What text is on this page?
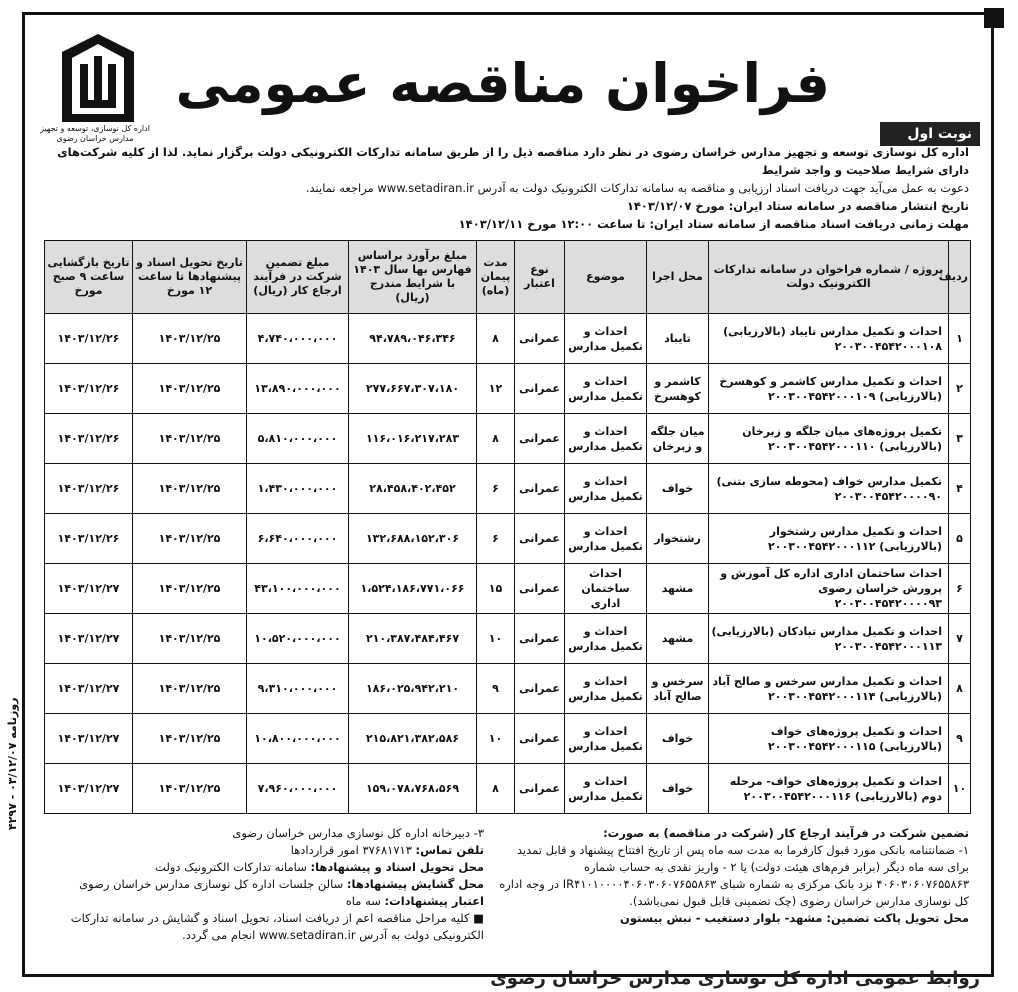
اداره کل نوسازی، توسعه و تجهیز مدارس خراسان رضوی
فراخوان مناقصه عمومی
نوبت اول

اداره کل نوسازی توسعه و تجهیز مدارس خراسان رضوی در نظر دارد مناقصه ذیل را از طریق سامانه تدارکات الکترونیکی دولت برگزار نماید. لذا از کلیه شرکت‌های دارای شرایط صلاحیت و واجد شرایط

دعوت به عمل می‌آید جهت دریافت اسناد ارزیابی و مناقصه به سامانه تدارکات الکترونیک دولت به آدرس www.setadiran.ir مراجعه نمایند.

تاریخ انتشار مناقصه در سامانه ستاد ایران: مورخ ۱۴۰۳/۱۲/۰۷

مهلت زمانی دریافت اسناد مناقصه از سامانه ستاد ایران: تا ساعت ۱۲:۰۰ مورخ ۱۴۰۳/۱۲/۱۱

ردیف	پروژه / شماره فراخوان در سامانه تدارکات الکترونیک دولت	محل اجرا	موضوع	نوع اعتبار	مدت پیمان (ماه)	مبلغ برآورد براساس فهارس بها سال ۱۴۰۳ با شرایط مندرج (ریال)	مبلغ تضمین شرکت در فرآیند ارجاع کار (ریال)	تاریخ تحویل اسناد و پیشنهادها تا ساعت ۱۲ مورخ	تاریخ بازگشایی ساعت ۹ صبح مورخ
۱	احداث و تکمیل مدارس تایباد (بالارزیابی) ۲۰۰۳۰۰۴۵۴۲۰۰۰۱۰۸	تایباد	احداث و تکمیل مدارس	عمرانی	۸	۹۴،۷۸۹،۰۴۶،۳۴۶	۴،۷۴۰،۰۰۰،۰۰۰	۱۴۰۳/۱۲/۲۵	۱۴۰۳/۱۲/۲۶
۲	احداث و تکمیل مدارس کاشمر و کوهسرخ (بالارزیابی) ۲۰۰۳۰۰۴۵۴۲۰۰۰۱۰۹	کاشمر و کوهسرخ	احداث و تکمیل مدارس	عمرانی	۱۲	۲۷۷،۶۶۷،۳۰۷،۱۸۰	۱۳،۸۹۰،۰۰۰،۰۰۰	۱۴۰۳/۱۲/۲۵	۱۴۰۳/۱۲/۲۶
۳	تکمیل پروژه‌های میان جلگه و زبرخان (بالارزیابی) ۲۰۰۳۰۰۴۵۴۲۰۰۰۱۱۰	میان جلگه و زبرخان	احداث و تکمیل مدارس	عمرانی	۸	۱۱۶،۰۱۶،۲۱۷،۲۸۳	۵،۸۱۰،۰۰۰،۰۰۰	۱۴۰۳/۱۲/۲۵	۱۴۰۳/۱۲/۲۶
۴	تکمیل مدارس خواف (محوطه سازی بتنی) ۲۰۰۳۰۰۴۵۴۲۰۰۰۰۹۰	خواف	احداث و تکمیل مدارس	عمرانی	۶	۲۸،۴۵۸،۴۰۲،۴۵۲	۱،۴۳۰،۰۰۰،۰۰۰	۱۴۰۳/۱۲/۲۵	۱۴۰۳/۱۲/۲۶
۵	احداث و تکمیل مدارس رشتخوار (بالارزیابی) ۲۰۰۳۰۰۴۵۴۲۰۰۰۱۱۲	رشتخوار	احداث و تکمیل مدارس	عمرانی	۶	۱۳۲،۶۸۸،۱۵۲،۳۰۶	۶،۶۴۰،۰۰۰،۰۰۰	۱۴۰۳/۱۲/۲۵	۱۴۰۳/۱۲/۲۶
۶	احداث ساختمان اداری اداره کل آموزش و پرورش خراسان رضوی ۲۰۰۳۰۰۴۵۴۲۰۰۰۰۹۳	مشهد	احداث ساختمان اداری	عمرانی	۱۵	۱،۵۲۴،۱۸۶،۷۷۱،۰۶۶	۴۳،۱۰۰،۰۰۰،۰۰۰	۱۴۰۳/۱۲/۲۵	۱۴۰۳/۱۲/۲۷
۷	احداث و تکمیل مدارس تبادکان (بالارزیابی) ۲۰۰۳۰۰۴۵۴۲۰۰۰۱۱۳	مشهد	احداث و تکمیل مدارس	عمرانی	۱۰	۲۱۰،۳۸۷،۴۸۴،۴۶۷	۱۰،۵۲۰،۰۰۰،۰۰۰	۱۴۰۳/۱۲/۲۵	۱۴۰۳/۱۲/۲۷
۸	احداث و تکمیل مدارس سرخس و صالح آباد (بالارزیابی) ۲۰۰۳۰۰۴۵۴۲۰۰۰۱۱۴	سرخس و صالح آباد	احداث و تکمیل مدارس	عمرانی	۹	۱۸۶،۰۲۵،۹۴۲،۲۱۰	۹،۳۱۰،۰۰۰،۰۰۰	۱۴۰۳/۱۲/۲۵	۱۴۰۳/۱۲/۲۷
۹	احداث و تکمیل پروژه‌های خواف (بالارزیابی) ۲۰۰۳۰۰۴۵۴۲۰۰۰۱۱۵	خواف	احداث و تکمیل مدارس	عمرانی	۱۰	۲۱۵،۸۲۱،۳۸۲،۵۸۶	۱۰،۸۰۰،۰۰۰،۰۰۰	۱۴۰۳/۱۲/۲۵	۱۴۰۳/۱۲/۲۷
۱۰	احداث و تکمیل پروژه‌های خواف- مرحله دوم (بالارزیابی) ۲۰۰۳۰۰۴۵۴۲۰۰۰۱۱۶	خواف	احداث و تکمیل مدارس	عمرانی	۸	۱۵۹،۰۷۸،۷۶۸،۵۶۹	۷،۹۶۰،۰۰۰،۰۰۰	۱۴۰۳/۱۲/۲۵	۱۴۰۳/۱۲/۲۷

تضمین شرکت در فرآیند ارجاع کار (شرکت در مناقصه) به صورت:

۱- ضمانتنامه بانکی مورد قبول کارفرما به مدت سه ماه پس از تاریخ افتتاح پیشنهاد و قابل تمدید برای سه ماه دیگر (برابر فرم‌های هیئت دولت) یا ۲ - واریز نقدی به حساب شماره ۴۰۶۰۳۰۶۰۷۶۵۵۸۶۳ نزد بانک مرکزی به شماره شبای IR۴۱۰۱۰۰۰۰۴۰۶۰۳۰۶۰۷۶۵۵۸۶۳ در وجه اداره کل نوسازی مدارس خراسان رضوی (چک تضمینی قابل قبول نمی‌باشد).

محل تحویل پاکت تضمین: مشهد- بلوار دستغیب - نبش بیستون

۳- دبیرخانه اداره کل نوسازی مدارس خراسان رضوی

تلفن تماس: ۳۷۶۸۱۷۱۳ امور قراردادها

محل تحویل اسناد و پیشنهادها: سامانه تدارکات الکترونیک دولت

محل گشایش پیشنهادها: سالن جلسات اداره کل نوسازی مدارس خراسان رضوی

اعتبار پیشنهادات: سه ماه

■ کلیه مراحل مناقصه اعم از دریافت اسناد، تحویل اسناد و گشایش در سامانه تدارکات الکترونیکی دولت به آدرس www.setadiran.ir انجام می گردد.

روزنامه ۰۳/۱۲/۰۷ - ۴۲۹۷
روابط عمومی اداره کل نوسازی مدارس خراسان رضوی
